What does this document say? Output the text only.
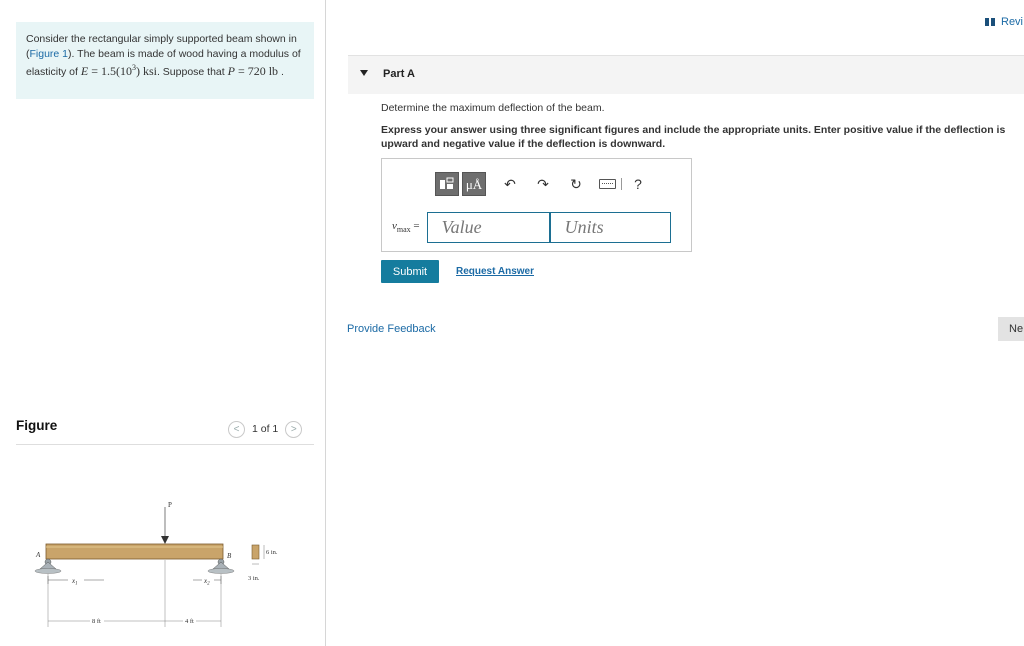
Consider the rectangular simply supported beam shown in (Figure 1). The beam is made of wood having a modulus of elasticity of $E = 1.5(10^3)$ ksi. Suppose that P = 720 lb .
Figure	<	1 of 1	>
P
A	B
$x_1$	$x_2$
8 ft	4 ft
6 in.
3 in.
Revi
Part A
Determine the maximum deflection of the beam.
Express your answer using three significant figures and include the appropriate units. Enter positive value if the deflection is
upward and negative value if the deflection is downward.
μÅ ↶ ↷ ↻	?
$v_{max}$ =	Value	Units
Submit	Request Answer
Provide Feedback	Ne
